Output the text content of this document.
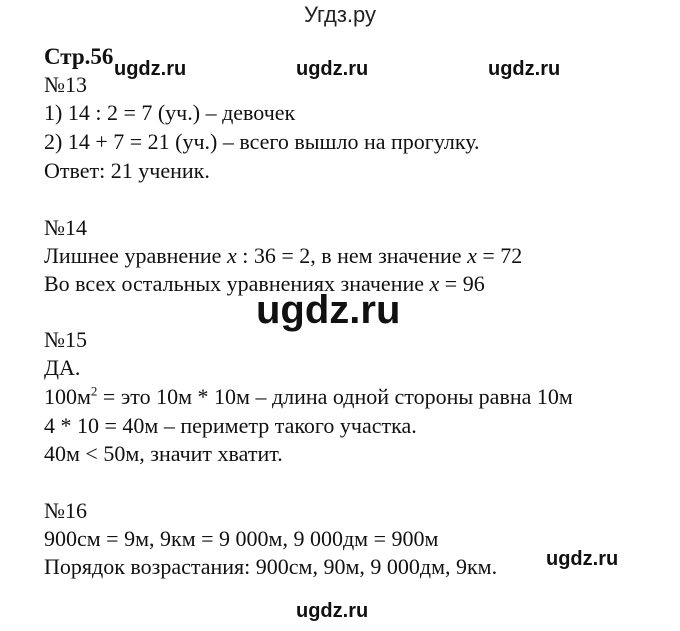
Угдз.ру
Стр.56 ugdz.ru	ugdz.ru	ugdz.ru
№13
1) 14 : 2 = 7 (уч.) – девочек
2) 14 + 7 = 21 (уч.) – всего вышло на прогулку.
Ответ: 21 ученик.
№14
Лишнее уравнение x : 36 = 2, в нем значение x = 72
Во всех остальных уравнениях значение x = 96
ugdz.ru
№15
ДА.
$100м^2$ = это 10м * 10м – длина одной стороны равна 10м
4 * 10 = 40м – периметр такого участка.
40м < 50м, значит хватит.
№16
900см = 9м, 9км = 9 000м, 9 000дм = 900м
Порядок возрастания: 900см, 90м, 9 000дм, 9км. ugdz.ru
ugdz.ru
